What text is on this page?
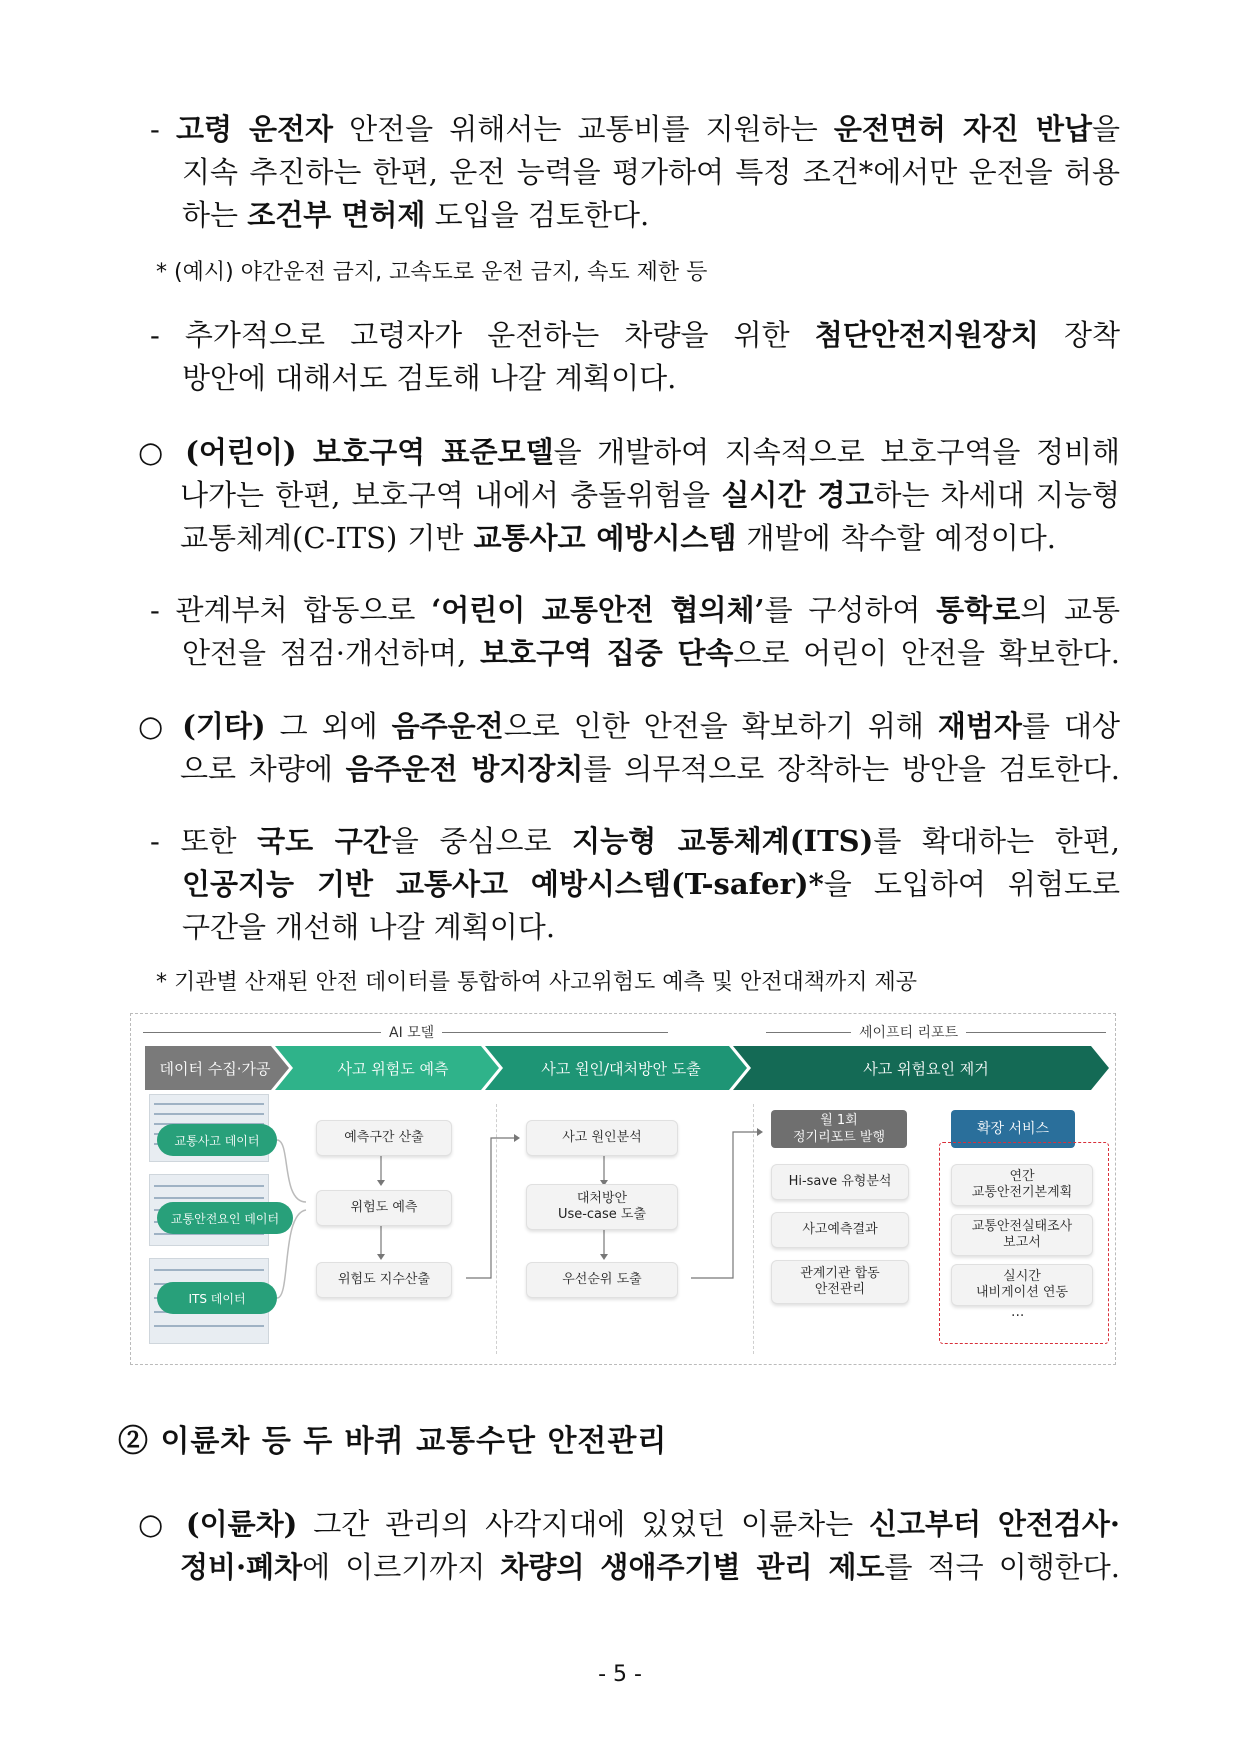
- 고령 운전자 안전을 위해서는 교통비를 지원하는 운전면허 자진 반납을
지속 추진하는 한편, 운전 능력을 평가하여 특정 조건*에서만 운전을 허용
하는 조건부 면허제 도입을 검토한다.
* (예시) 야간운전 금지, 고속도로 운전 금지, 속도 제한 등
- 추가적으로 고령자가 운전하는 차량을 위한 첨단안전지원장치 장착
방안에 대해서도 검토해 나갈 계획이다.
○ (어린이) 보호구역 표준모델을 개발하여 지속적으로 보호구역을 정비해
나가는 한편, 보호구역 내에서 충돌위험을 실시간 경고하는 차세대 지능형
교통체계(C-ITS) 기반 교통사고 예방시스템 개발에 착수할 예정이다.
- 관계부처 합동으로 ‘어린이 교통안전 협의체’를 구성하여 통학로의 교통
안전을 점검·개선하며, 보호구역 집중 단속으로 어린이 안전을 확보한다.
○ (기타) 그 외에 음주운전으로 인한 안전을 확보하기 위해 재범자를 대상
으로 차량에 음주운전 방지장치를 의무적으로 장착하는 방안을 검토한다.
- 또한 국도 구간을 중심으로 지능형 교통체계(ITS)를 확대하는 한편,
인공지능 기반 교통사고 예방시스템(T-safer)*을 도입하여 위험도로
구간을 개선해 나갈 계획이다.
* 기관별 산재된 안전 데이터를 통합하여 사고위험도 예측 및 안전대책까지 제공
AI 모델	세이프티 리포트
데이터 수집·가공	사고 위험도 예측	사고 원인/대처방안 도출	사고 위험요인 제거
교통사고 데이터
교통안전요인 데이터
ITS 데이터
예측구간 산출
위험도 예측
위험도 지수산출
사고 원인분석
대처방안
Use-case 도출
우선순위 도출
월 1회
정기리포트 발행
Hi-save 유형분석
사고예측결과
관계기관 합동
안전관리
확장 서비스
연간
교통안전기본계획
교통안전실태조사
보고서
실시간
내비게이션 연동
...
② 이륜차 등 두 바퀴 교통수단 안전관리
○ (이륜차) 그간 관리의 사각지대에 있었던 이륜차는 신고부터 안전검사·
정비·폐차에 이르기까지 차량의 생애주기별 관리 제도를 적극 이행한다.
- 5 -
